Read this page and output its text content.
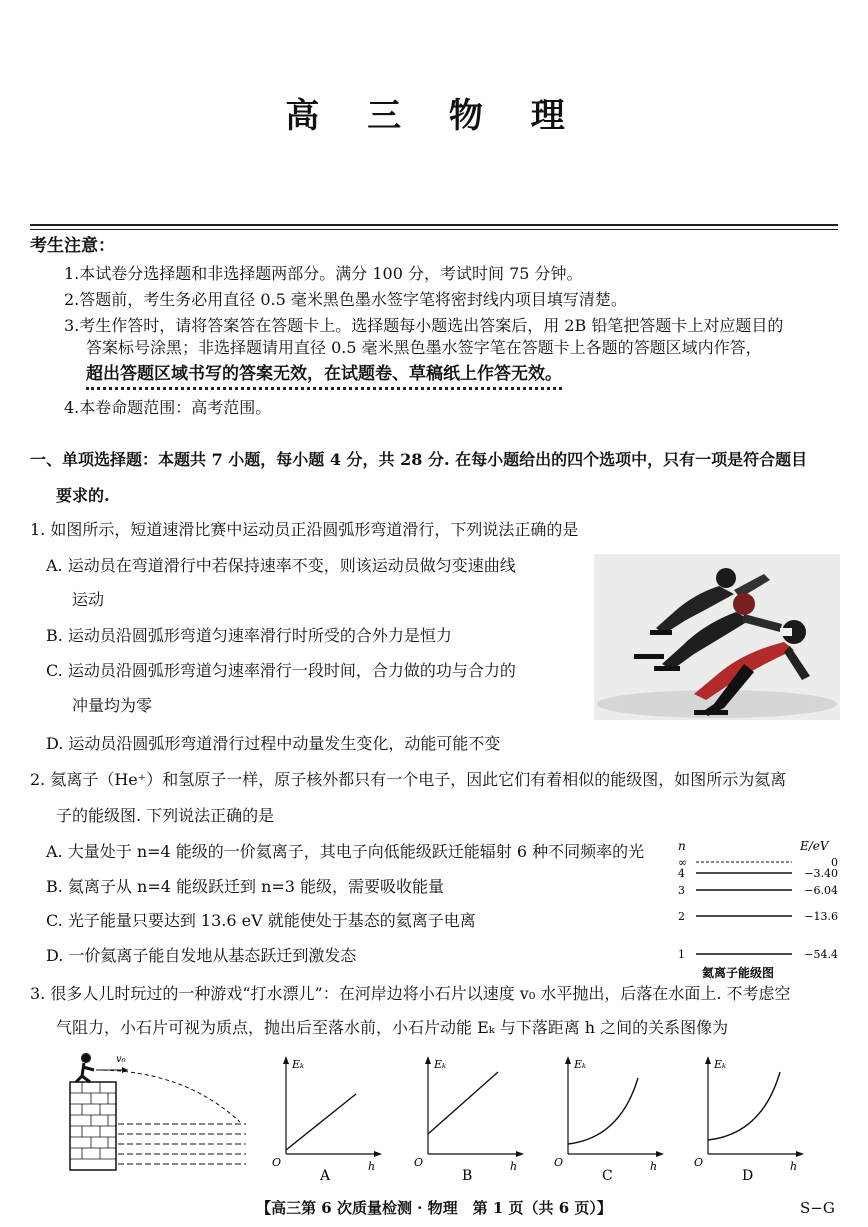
高 三 物 理
考生注意：
1.本试卷分选择题和非选择题两部分。满分 100 分，考试时间 75 分钟。
2.答题前，考生务必用直径 0.5 毫米黑色墨水签字笔将密封线内项目填写清楚。
3.考生作答时，请将答案答在答题卡上。选择题每小题选出答案后，用 2B 铅笔把答题卡上对应题目的
答案标号涂黑；非选择题请用直径 0.5 毫米黑色墨水签字笔在答题卡上各题的答题区域内作答，
超出答题区域书写的答案无效，在试题卷、草稿纸上作答无效。
4.本卷命题范围：高考范围。
一、单项选择题：本题共 7 小题，每小题 4 分，共 28 分. 在每小题给出的四个选项中，只有一项是符合题目
要求的.
1. 如图所示，短道速滑比赛中运动员正沿圆弧形弯道滑行，下列说法正确的是
A. 运动员在弯道滑行中若保持速率不变，则该运动员做匀变速曲线
运动
B. 运动员沿圆弧形弯道匀速率滑行时所受的合外力是恒力
C. 运动员沿圆弧形弯道匀速率滑行一段时间，合力做的功与合力的
冲量均为零
D. 运动员沿圆弧形弯道滑行过程中动量发生变化，动能可能不变
2. 氦离子（He⁺）和氢原子一样，原子核外都只有一个电子，因此它们有着相似的能级图，如图所示为氦离
子的能级图. 下列说法正确的是
A. 大量处于 n=4 能级的一价氦离子，其电子向低能级跃迁能辐射 6 种不同频率的光
B. 氦离子从 n=4 能级跃迁到 n=3 能级，需要吸收能量
C. 光子能量只要达到 13.6 eV 就能使处于基态的氦离子电离
D. 一价氦离子能自发地从基态跃迁到激发态
n	E/eV
∞	0
4	−3.40
3	−6.04
2	−13.6
1	−54.4
氦离子能级图
3. 很多人儿时玩过的一种游戏“打水漂儿”：在河岸边将小石片以速度 v₀ 水平抛出，后落在水面上. 不考虑空
气阻力，小石片可视为质点，抛出后至落水前，小石片动能 Eₖ 与下落距离 h 之间的关系图像为
v₀	Eₖ
h
O
A
Eₖ
h
O
B
Eₖ
h
O
C
Eₖ
h
O
D
【高三第 6 次质量检测 · 物理　第 1 页（共 6 页）】	S−G
